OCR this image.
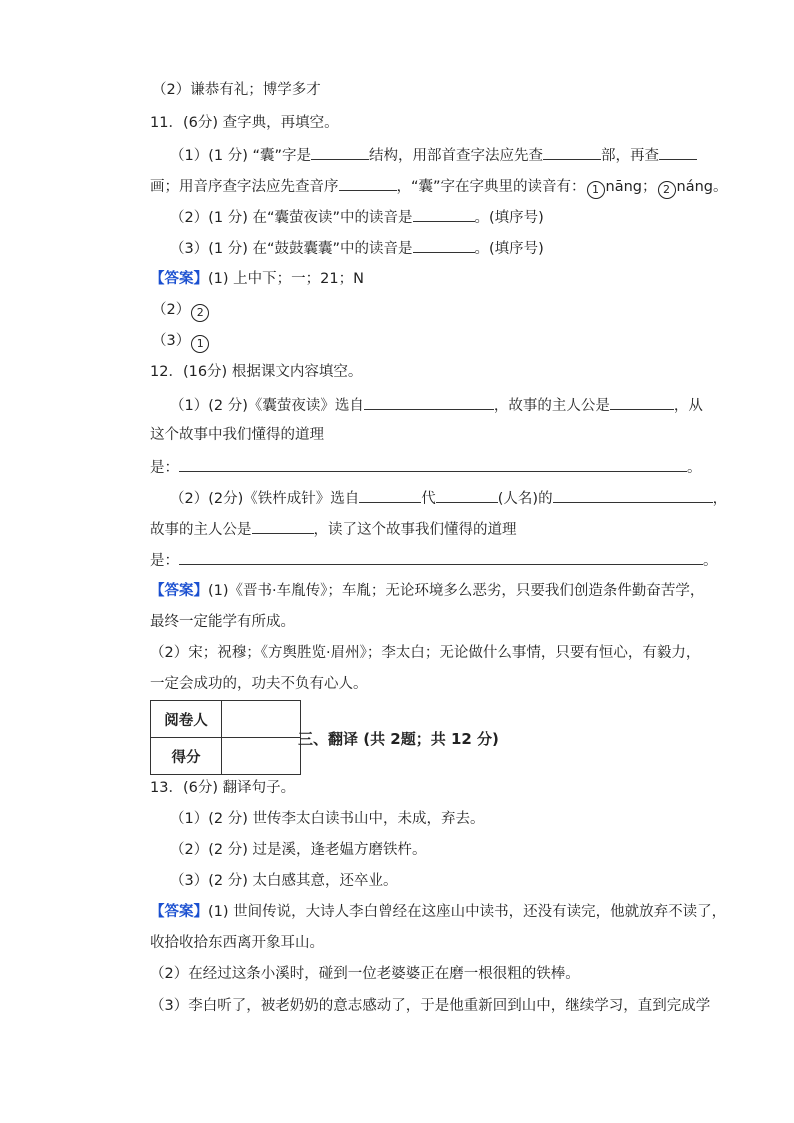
（2）谦恭有礼；博学多才
11．(6分) 查字典，再填空。
（1）(1 分) “囊”字是	结构，用部首查字法应先查	部，再查
画；用音序查字法应先查音序	，“囊”字在字典里的读音有： 1 nāng； 2 náng。
（2）(1 分) 在“囊萤夜读”中的读音是	。(填序号)
（3）(1 分) 在“鼓鼓囊囊”中的读音是	。(填序号)
【答案】(1) 上中下；一；21；N
（2） 2
（3） 1
12．(16分) 根据课文内容填空。
（1）(2 分)《囊萤夜读》选自	，故事的主人公是	，从
这个故事中我们懂得的道理
是：	。
（2）(2分)《铁杵成针》选自	代	(人名)的	，
故事的主人公是	，读了这个故事我们懂得的道理
是：	。
【答案】(1)《晋书·车胤传》；车胤；无论环境多么恶劣，只要我们创造条件勤奋苦学，
最终一定能学有所成。
（2）宋；祝穆；《方舆胜览·眉州》；李太白；无论做什么事情，只要有恒心，有毅力，
一定会成功的，功夫不负有心人。
阅卷人	
得分	
三、翻译 (共 2题；共 12 分)
13．(6分) 翻译句子。
（1）(2 分) 世传李太白读书山中，未成，弃去。
（2）(2 分) 过是溪，逢老媪方磨铁杵。
（3）(2 分) 太白感其意，还卒业。
【答案】(1) 世间传说，大诗人李白曾经在这座山中读书，还没有读完，他就放弃不读了，
收拾收拾东西离开象耳山。
（2）在经过这条小溪时，碰到一位老婆婆正在磨一根很粗的铁棒。
（3）李白听了，被老奶奶的意志感动了，于是他重新回到山中，继续学习，直到完成学
